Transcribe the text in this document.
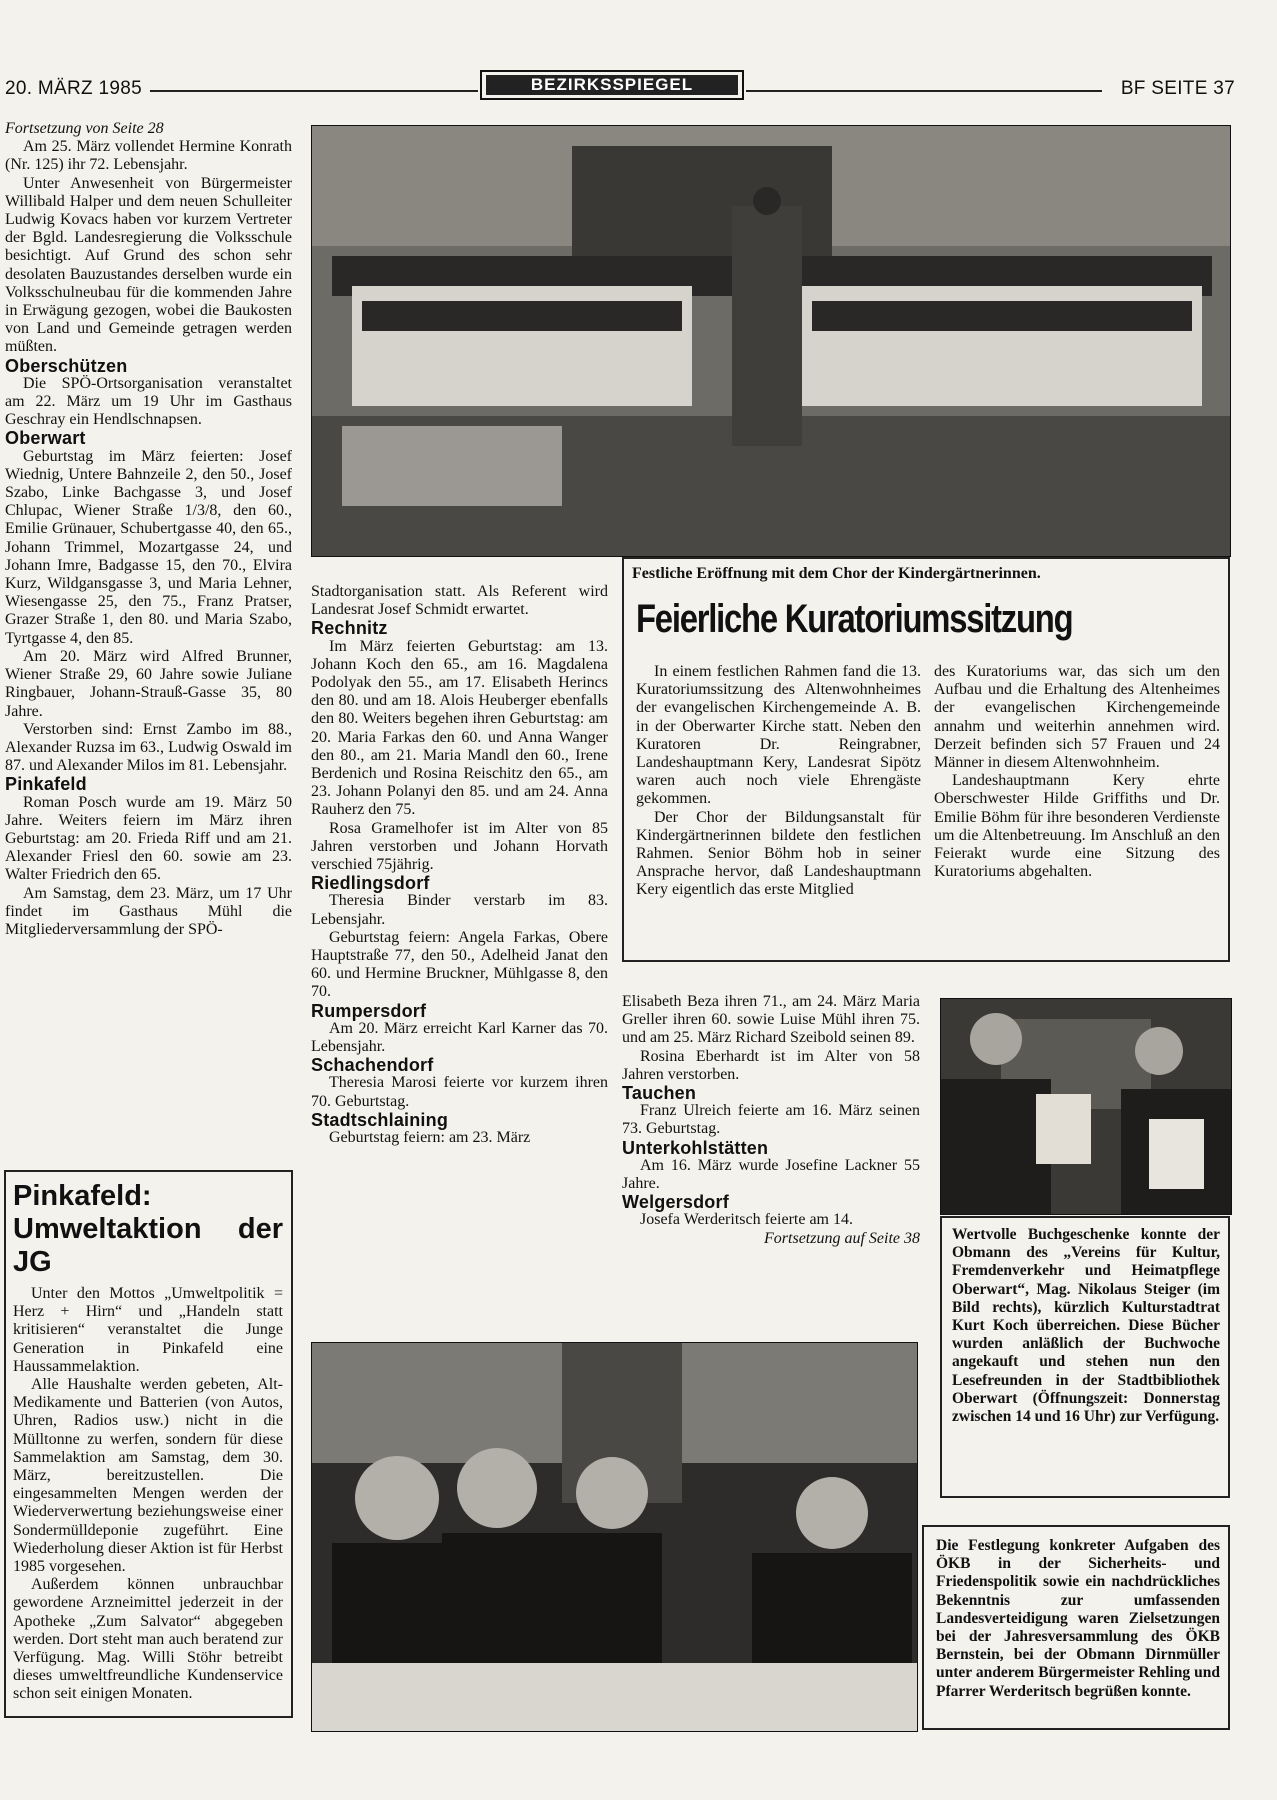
20. MÄRZ 1985	BEZIRKSSPIEGEL	BF SEITE 37

Fortsetzung von Seite 28

Am 25. März vollendet Hermine Konrath (Nr. 125) ihr 72. Lebensjahr.

Unter Anwesenheit von Bürgermeister Willibald Halper und dem neuen Schulleiter Ludwig Kovacs haben vor kurzem Vertreter der Bgld. Landesregierung die Volksschule besichtigt. Auf Grund des schon sehr desolaten Bauzustandes derselben wurde ein Volksschulneubau für die kommenden Jahre in Erwägung gezogen, wobei die Baukosten von Land und Gemeinde getragen werden müßten.

Oberschützen

Die SPÖ-Ortsorganisation veranstaltet am 22. März um 19 Uhr im Gasthaus Geschray ein Hendlschnapsen.

Oberwart

Geburtstag im März feierten: Josef Wiednig, Untere Bahnzeile 2, den 50., Josef Szabo, Linke Bachgasse 3, und Josef Chlupac, Wiener Straße 1/3/8, den 60., Emilie Grünauer, Schubertgasse 40, den 65., Johann Trimmel, Mozartgasse 24, und Johann Imre, Badgasse 15, den 70., Elvira Kurz, Wildgansgasse 3, und Maria Lehner, Wiesengasse 25, den 75., Franz Pratser, Grazer Straße 1, den 80. und Maria Szabo, Tyrtgasse 4, den 85.

Am 20. März wird Alfred Brunner, Wiener Straße 29, 60 Jahre sowie Juliane Ringbauer, Johann-Strauß-Gasse 35, 80 Jahre.

Verstorben sind: Ernst Zambo im 88., Alexander Ruzsa im 63., Ludwig Oswald im 87. und Alexander Milos im 81. Lebensjahr.

Pinkafeld

Roman Posch wurde am 19. März 50 Jahre. Weiters feiern im März ihren Geburtstag: am 20. Frieda Riff und am 21. Alexander Friesl den 60. sowie am 23. Walter Friedrich den 65.

Am Samstag, dem 23. März, um 17 Uhr findet im Gasthaus Mühl die Mitgliederversammlung der SPÖ-

Pinkafeld: Umweltaktion der JG

Unter den Mottos „Umweltpolitik = Herz + Hirn“ und „Handeln statt kritisieren“ veranstaltet die Junge Generation in Pinkafeld eine Haussammelaktion.

Alle Haushalte werden gebeten, Alt-Medikamente und Batterien (von Autos, Uhren, Radios usw.) nicht in die Mülltonne zu werfen, sondern für diese Sammelaktion am Samstag, dem 30. März, bereitzustellen. Die eingesammelten Mengen werden der Wiederverwertung beziehungsweise einer Sondermülldeponie zugeführt. Eine Wiederholung dieser Aktion ist für Herbst 1985 vorgesehen.

Außerdem können unbrauchbar gewordene Arzneimittel jederzeit in der Apotheke „Zum Salvator“ abgegeben werden. Dort steht man auch beratend zur Verfügung. Mag. Willi Stöhr betreibt dieses umweltfreundliche Kundenservice schon seit einigen Monaten.

Festliche Eröffnung mit dem Chor der Kindergärtnerinnen.
Feierliche Kuratoriumssitzung

In einem festlichen Rahmen fand die 13. Kuratoriumssitzung des Altenwohnheimes der evangelischen Kirchengemeinde A. B. in der Oberwarter Kirche statt. Neben den Kuratoren Dr. Reingrabner, Landeshauptmann Kery, Landesrat Sipötz waren auch noch viele Ehrengäste gekommen.

Der Chor der Bildungsanstalt für Kindergärtnerinnen bildete den festlichen Rahmen. Senior Böhm hob in seiner Ansprache hervor, daß Landeshauptmann Kery eigentlich das erste Mitglied

des Kuratoriums war, das sich um den Aufbau und die Erhaltung des Altenheimes der evangelischen Kirchengemeinde annahm und weiterhin annehmen wird. Derzeit befinden sich 57 Frauen und 24 Männer in diesem Altenwohnheim.

Landeshauptmann Kery ehrte Oberschwester Hilde Griffiths und Dr. Emilie Böhm für ihre besonderen Verdienste um die Altenbetreuung. Im Anschluß an den Feierakt wurde eine Sitzung des Kuratoriums abgehalten.

Stadtorganisation statt. Als Referent wird Landesrat Josef Schmidt erwartet.

Rechnitz

Im März feierten Geburtstag: am 13. Johann Koch den 65., am 16. Magdalena Podolyak den 55., am 17. Elisabeth Herincs den 80. und am 18. Alois Heuberger ebenfalls den 80. Weiters begehen ihren Geburtstag: am 20. Maria Farkas den 60. und Anna Wanger den 80., am 21. Maria Mandl den 60., Irene Berdenich und Rosina Reischitz den 65., am 23. Johann Polanyi den 85. und am 24. Anna Rauherz den 75.

Rosa Gramelhofer ist im Alter von 85 Jahren verstorben und Johann Horvath verschied 75jährig.

Riedlingsdorf

Theresia Binder verstarb im 83. Lebensjahr.

Geburtstag feiern: Angela Farkas, Obere Hauptstraße 77, den 50., Adelheid Janat den 60. und Hermine Bruckner, Mühlgasse 8, den 70.

Rumpersdorf

Am 20. März erreicht Karl Karner das 70. Lebensjahr.

Schachendorf

Theresia Marosi feierte vor kurzem ihren 70. Geburtstag.

Stadtschlaining

Geburtstag feiern: am 23. März

Elisabeth Beza ihren 71., am 24. März Maria Greller ihren 60. sowie Luise Mühl ihren 75. und am 25. März Richard Szeibold seinen 89.

Rosina Eberhardt ist im Alter von 58 Jahren verstorben.

Tauchen

Franz Ulreich feierte am 16. März seinen 73. Geburtstag.

Unterkohlstätten

Am 16. März wurde Josefine Lackner 55 Jahre.

Welgersdorf

Josefa Werderitsch feierte am 14.

Fortsetzung auf Seite 38 Wertvolle Buchgeschenke konnte der Obmann des „Vereins für Kultur, Fremdenverkehr und Heimatpflege Oberwart“, Mag. Nikolaus Steiger (im Bild rechts), kürzlich Kulturstadtrat Kurt Koch überreichen. Diese Bücher wurden anläßlich der Buchwoche angekauft und stehen nun den Lesefreunden in der Stadtbibliothek Oberwart (Öffnungszeit: Donnerstag zwischen 14 und 16 Uhr) zur Verfügung.
Die Festlegung konkreter Aufgaben des ÖKB in der Sicherheits- und Friedenspolitik sowie ein nachdrückliches Bekenntnis zur umfassenden Landesverteidigung waren Zielsetzungen bei der Jahresversammlung des ÖKB Bernstein, bei der Obmann Dirnmüller unter anderem Bürgermeister Rehling und Pfarrer Werderitsch begrüßen konnte.
